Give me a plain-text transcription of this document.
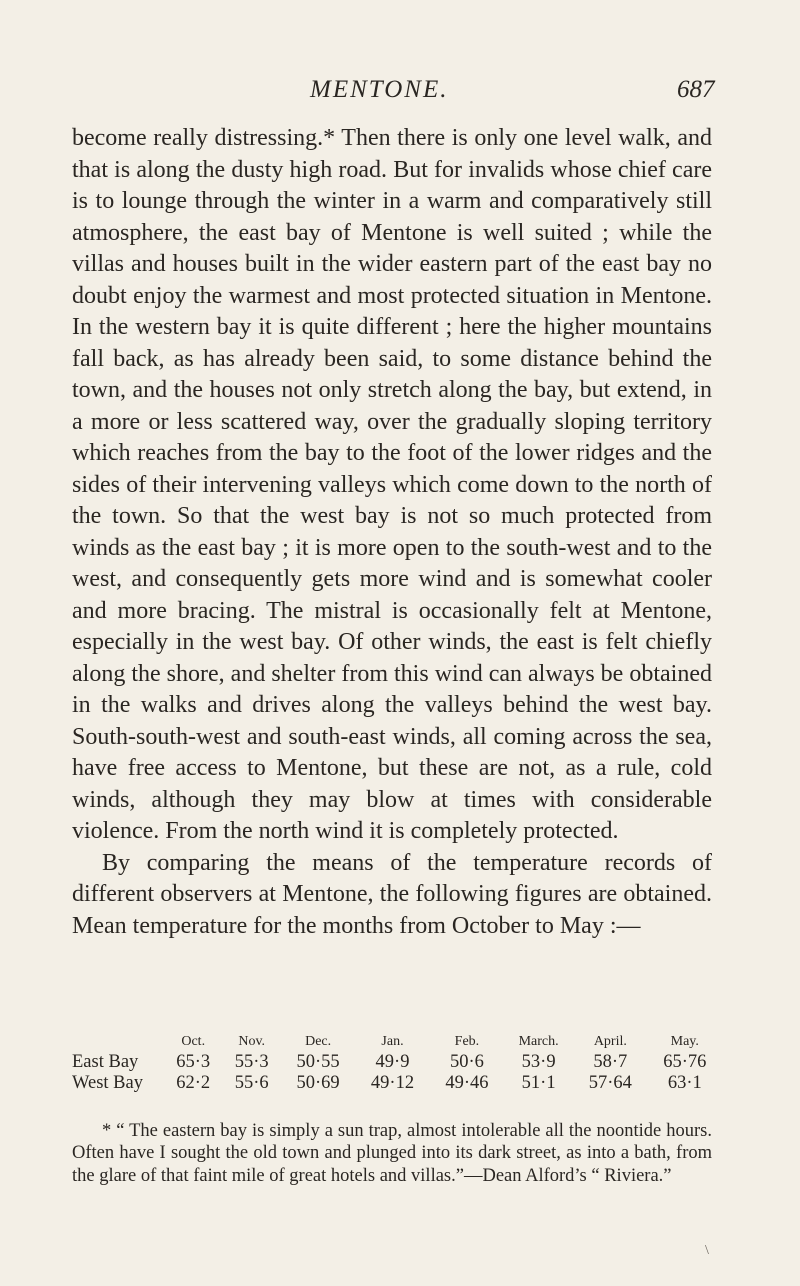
MENTONE.	687

become really distressing.* Then there is only one level walk, and that is along the dusty high road. But for invalids whose chief care is to lounge through the winter in a warm and comparatively still atmosphere, the east bay of Mentone is well suited ; while the villas and houses built in the wider eastern part of the east bay no doubt enjoy the warmest and most protected situation in Mentone. In the western bay it is quite different ; here the higher mountains fall back, as has already been said, to some distance behind the town, and the houses not only stretch along the bay, but extend, in a more or less scattered way, over the gradually sloping territory which reaches from the bay to the foot of the lower ridges and the sides of their intervening valleys which come down to the north of the town. So that the west bay is not so much protected from winds as the east bay ; it is more open to the south-west and to the west, and consequently gets more wind and is somewhat cooler and more bracing. The mistral is occasionally felt at Mentone, especially in the west bay. Of other winds, the east is felt chiefly along the shore, and shelter from this wind can always be obtained in the walks and drives along the valleys behind the west bay. South-south-west and south-east winds, all coming across the sea, have free access to Mentone, but these are not, as a rule, cold winds, although they may blow at times with considerable violence. From the north wind it is completely protected.

By comparing the means of the temperature records of different observers at Mentone, the following figures are obtained. Mean temperature for the months from October to May :—

	Oct.	Nov.	Dec.	Jan.	Feb.	March.	April.	May.
East Bay	65·3	55·3	50·55	49·9	50·6	53·9	58·7	65·76
West Bay	62·2	55·6	50·69	49·12	49·46	51·1	57·64	63·1

* “ The eastern bay is simply a sun trap, almost intolerable all the noontide hours. Often have I sought the old town and plunged into its dark street, as into a bath, from the glare of that faint mile of great hotels and villas.”—Dean Alford’s “ Riviera.”

\
